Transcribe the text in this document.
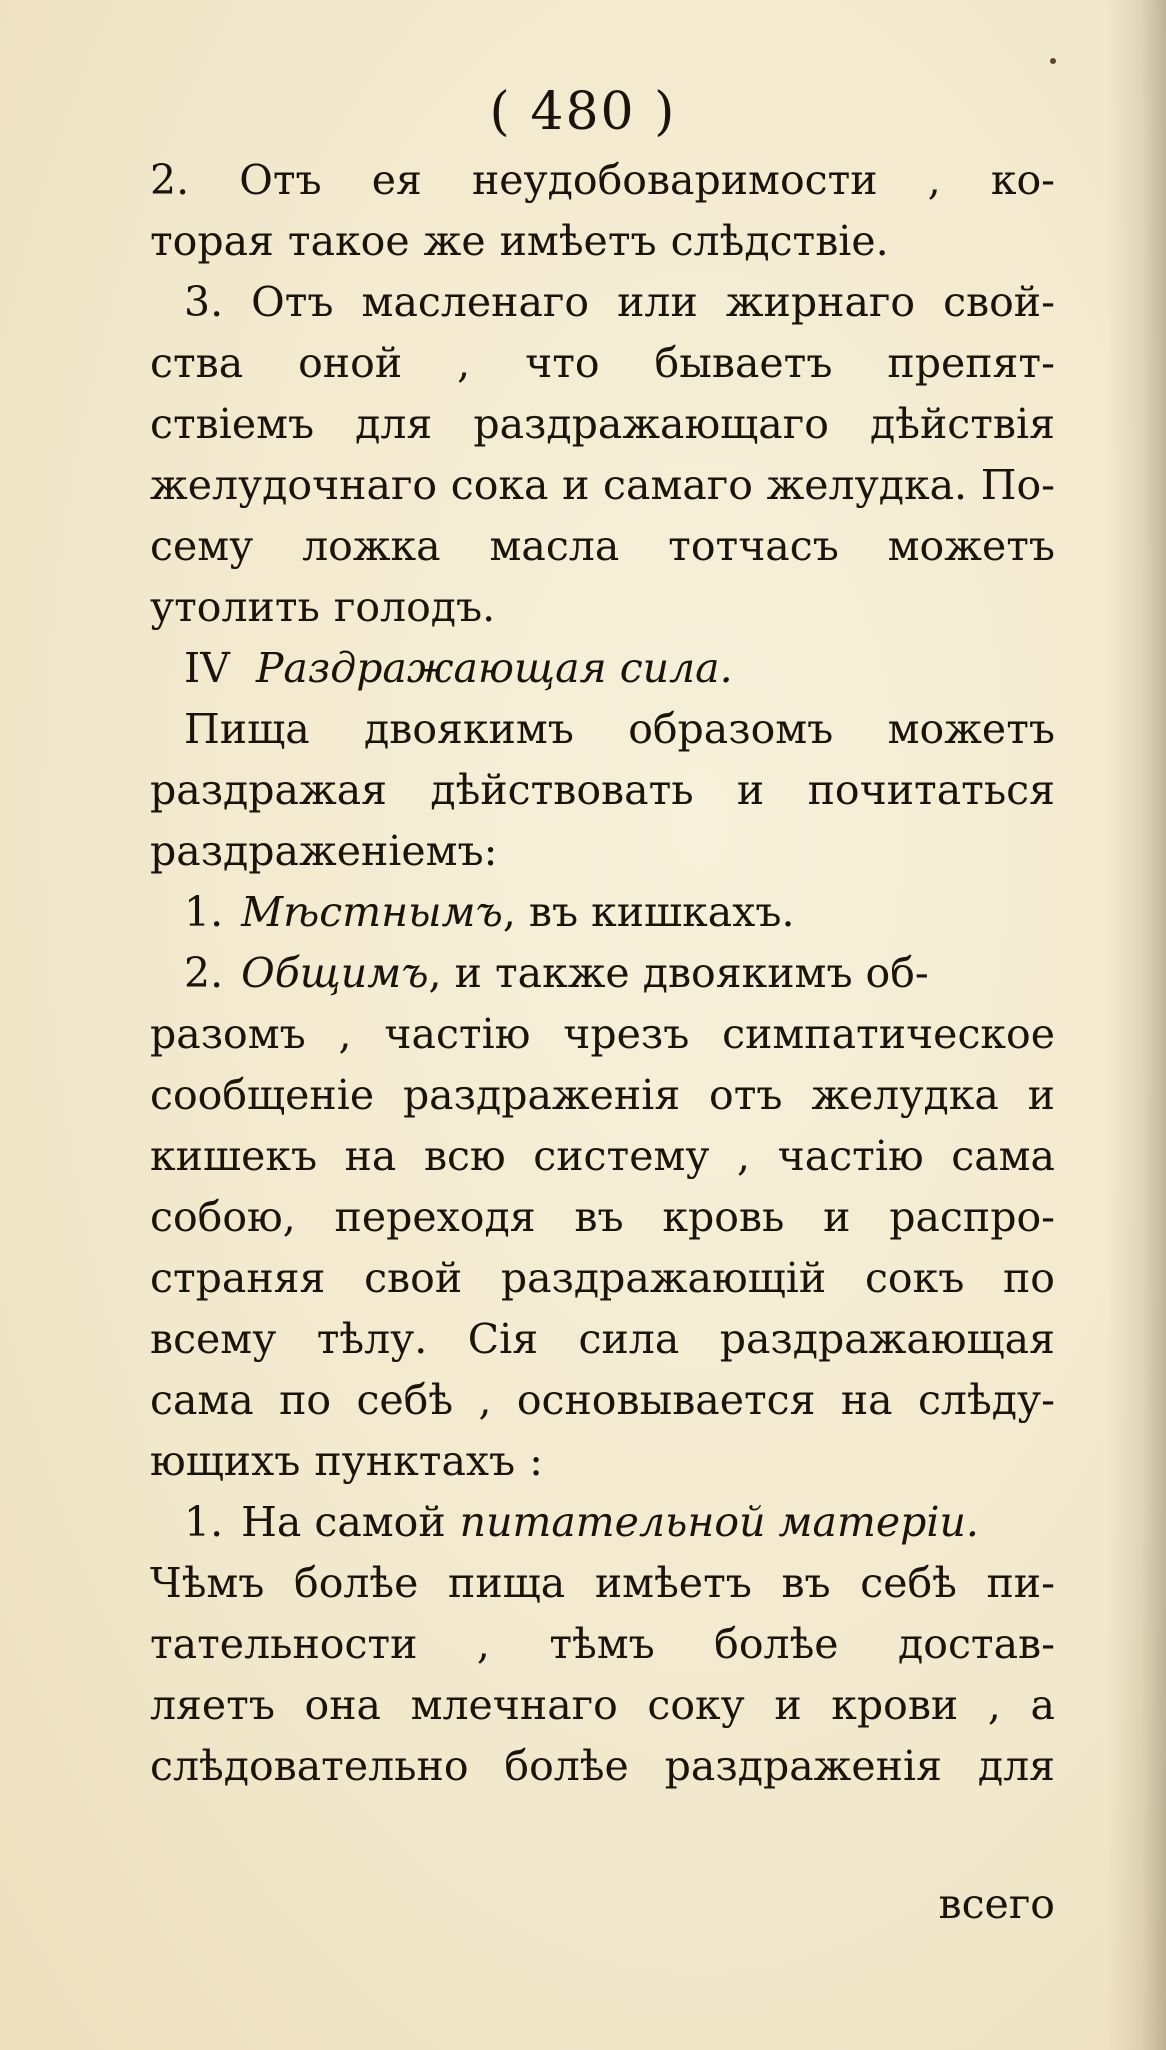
( 480 )
2. Отъ ея неудобоваримости , ко-
торая такое же имѣетъ слѣдствіе.
3. Отъ масленаго или жирнаго свой-
ства оной , что бываетъ препят-
ствіемъ для раздражающаго дѣйствія
желудочнаго сока и самаго желудка. По-
сему ложка масла тотчасъ можетъ
утолить голодъ.
IV Раздражающая сила.
Пища двоякимъ образомъ можетъ
раздражая дѣйствовать и почитаться
раздраженіемъ:
1. Мѣстнымъ , въ кишкахъ.
2. Общимъ , и также двоякимъ об-
разомъ , частію чрезъ симпатическое
сообщеніе раздраженія отъ желудка и
кишекъ на всю систему , частію сама
собою, переходя въ кровь и распро-
страняя свой раздражающій сокъ по
всему тѣлу. Сія сила раздражающая
сама по себѣ , основывается на слѣду-
ющихъ пунктахъ :
1. На самой питательной матеріи.
Чѣмъ болѣе пища имѣетъ въ себѣ пи-
тательности , тѣмъ болѣе достав-
ляетъ она млечнаго соку и крови , а
слѣдовательно болѣе раздраженія для
всего
